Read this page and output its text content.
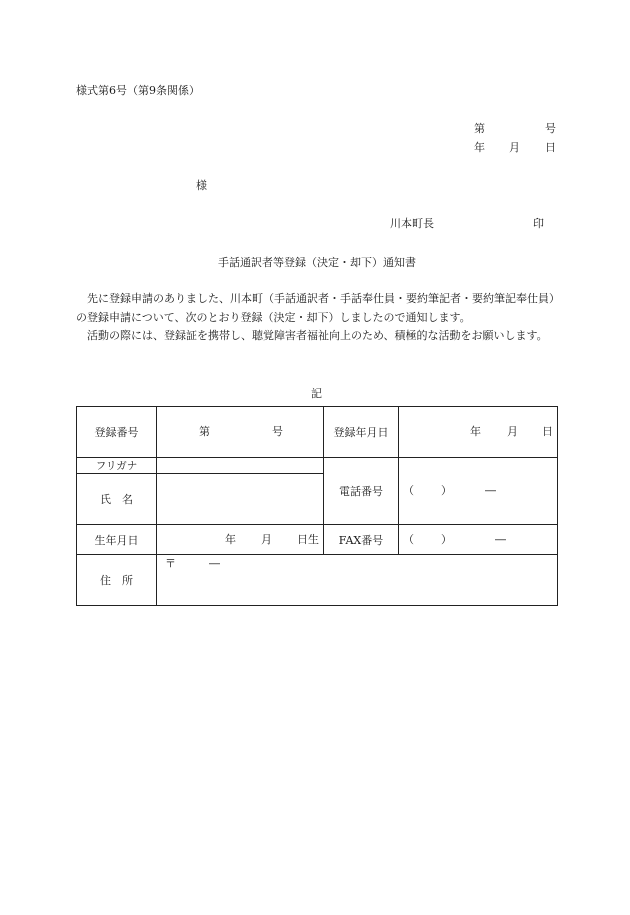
様式第6号（第9条関係）
第	号
年 月 日
様
川本町長	印
手話通訳者等登録（決定・却下）通知書

先に登録申請のありました、川本町（手話通訳者・手話奉仕員・要約筆記者・要約筆記奉仕員）の登録申請について、次のとおり登録（決定・却下）しましたので通知します。

活動の際には、登録証を携帯し、聴覚障害者福祉向上のため、積極的な活動をお願いします。

記
登録番号	第 号	登録年月日	年 月 日

フリガナ		電話番号	（ ） ―

氏　名			
生年月日	年 月 日生	FAX番号	（ ） ―

住　所	〒 ―		
